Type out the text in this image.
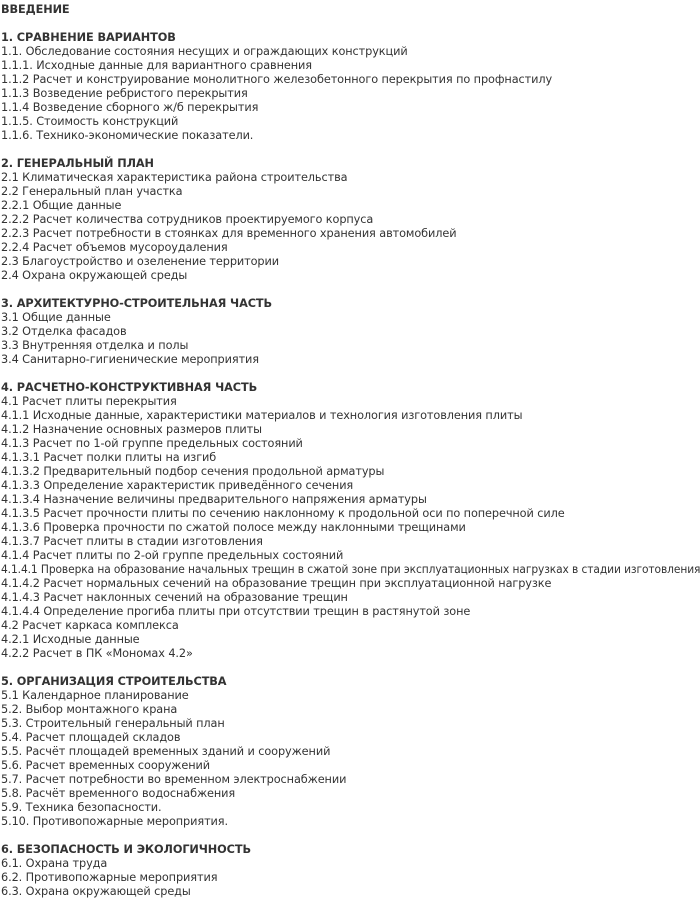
ВВЕДЕНИЕ
1. СРАВНЕНИЕ ВАРИАНТОВ
1.1. Обследование состояния несущих и ограждающих конструкций
1.1.1. Исходные данные для вариантного сравнения
1.1.2 Расчет и конструирование монолитного железобетонного перекрытия по профнастилу
1.1.3 Возведение ребристого перекрытия
1.1.4 Возведение сборного ж/б перекрытия
1.1.5. Стоимость конструкций
1.1.6. Технико-экономические показатели.
2. ГЕНЕРАЛЬНЫЙ ПЛАН
2.1 Климатическая характеристика района строительства
2.2 Генеральный план участка
2.2.1 Общие данные
2.2.2 Расчет количества сотрудников проектируемого корпуса
2.2.3 Расчет потребности в стоянках для временного хранения автомобилей
2.2.4 Расчет объемов мусороудаления
2.3 Благоустройство и озеленение территории
2.4 Охрана окружающей среды
3. АРХИТЕКТУРНО-СТРОИТЕЛЬНАЯ ЧАСТЬ
3.1 Общие данные
3.2 Отделка фасадов
3.3 Внутренняя отделка и полы
3.4 Санитарно-гигиенические мероприятия
4. РАСЧЕТНО-КОНСТРУКТИВНАЯ ЧАСТЬ
4.1 Расчет плиты перекрытия
4.1.1 Исходные данные, характеристики материалов и технология изготовления плиты
4.1.2 Назначение основных размеров плиты
4.1.3 Расчет по 1-ой группе предельных состояний
4.1.3.1 Расчет полки плиты на изгиб
4.1.3.2 Предварительный подбор сечения продольной арматуры
4.1.3.3 Определение характеристик приведённого сечения
4.1.3.4 Назначение величины предварительного напряжения арматуры
4.1.3.5 Расчет прочности плиты по сечению наклонному к продольной оси по поперечной силе
4.1.3.6 Проверка прочности по сжатой полосе между наклонными трещинами
4.1.3.7 Расчет плиты в стадии изготовления
4.1.4 Расчет плиты по 2-ой группе предельных состояний
4.1.4.1 Проверка на образование начальных трещин в сжатой зоне при эксплуатационных нагрузках в стадии изготовления
4.1.4.2 Расчет нормальных сечений на образование трещин при эксплуатационной нагрузке
4.1.4.3 Расчет наклонных сечений на образование трещин
4.1.4.4 Определение прогиба плиты при отсутствии трещин в растянутой зоне
4.2 Расчет каркаса комплекса
4.2.1 Исходные данные
4.2.2 Расчет в ПК «Мономах 4.2»
5. ОРГАНИЗАЦИЯ СТРОИТЕЛЬСТВА
5.1 Календарное планирование
5.2. Выбор монтажного крана
5.3. Строительный генеральный план
5.4. Расчет площадей складов
5.5. Расчёт площадей временных зданий и сооружений
5.6. Расчет временных сооружений
5.7. Расчет потребности во временном электроснабжении
5.8. Расчёт временного водоснабжения
5.9. Техника безопасности.
5.10. Противопожарные мероприятия.
6. БЕЗОПАСНОСТЬ И ЭКОЛОГИЧНОСТЬ
6.1. Охрана труда
6.2. Противопожарные мероприятия
6.3. Охрана окружающей среды
